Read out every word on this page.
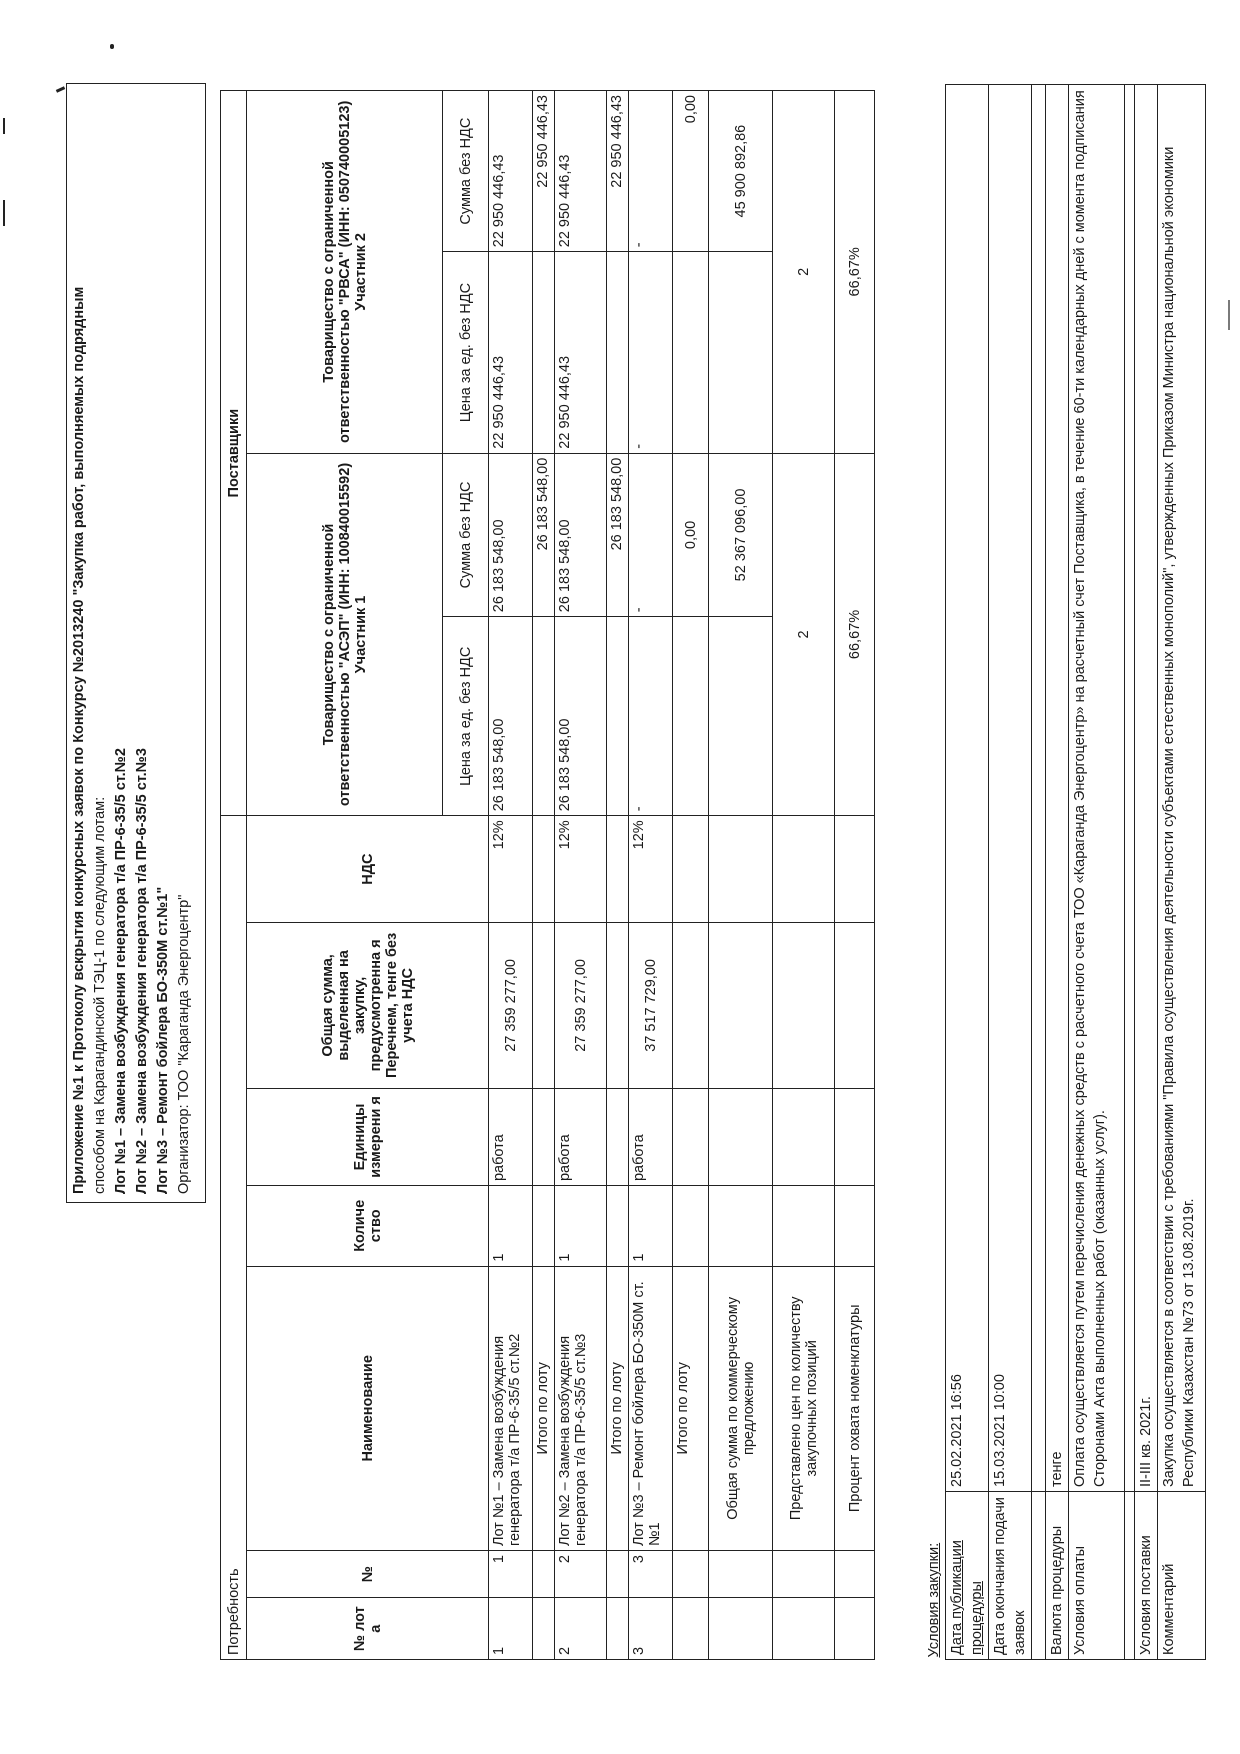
Приложение №1 к Протоколу вскрытия конкурсных заявок по Конкурсу №2013240 "Закупка работ, выполняемых подрядным способом на Карагандинской ТЭЦ-1 по следующим лотам: Лот №1 – Замена возбуждения генератора т/а ПР-6-35/5 ст.№2 Лот №2 – Замена возбуждения генератора т/а ПР-6-35/5 ст.№3 Лот №3 – Ремонт бойлера БО-350М ст.№1" Организатор: ТОО "Караганда Энергоцентр"
Потребность							Поставщики			
№ лот а	№	Наименование	Количе ство	Единицы измерени я	Общая сумма, выделенная на закупку, предусмотренна я Перечнем, тенге без учета НДС	НДС	Товарищество с ограниченной ответственностью "АСЭП" (ИНН: 100840015592) Участник 1		Товарищество с ограниченной ответственностью "РВСА" (ИНН: 050740005123) Участник 2	
							Цена за ед. без НДС	Сумма без НДС	Цена за ед. без НДС	Сумма без НДС
1	1	Лот №1 – Замена возбуждения генератора т/а ПР-6-35/5 ст.№2	1	работа	27 359 277,00	12%	26 183 548,00	26 183 548,00	22 950 446,43	22 950 446,43
		Итого по лоту						26 183 548,00		22 950 446,43
2	2	Лот №2 – Замена возбуждения генератора т/а ПР-6-35/5 ст.№3	1	работа	27 359 277,00	12%	26 183 548,00	26 183 548,00	22 950 446,43	22 950 446,43
		Итого по лоту						26 183 548,00		22 950 446,43
3	3	Лот №3 – Ремонт бойлера БО-350М ст.№1	1	работа	37 517 729,00	12%	-	-	-	-
		Итого по лоту						0,00		0,00
		Общая сумма по коммерческому предложению						52 367 096,00		45 900 892,86
		Представлено цен по количеству закупочных позиций					2		2	
		Процент охвата номенклатуры					66,67%		66,67%	
Условия закупки:	
Дата публикации процедуры	25.02.2021 16:56
Дата окончания подачи заявок	15.03.2021 10:00

Валюта процедуры	тенге
Условия оплаты	Оплата осуществляется путем перечисления денежных средств с расчетного счета ТОО «Караганда Энергоцентр» на расчетный счет Поставщика, в течение 60-ти календарных дней с момента подписания Сторонами Акта выполненных работ (оказанных услуг).

Условия поставки	II-III кв. 2021г.
Комментарий	Закупка осуществляется в соответствии с требованиями "Правила осуществления деятельности субъектами естественных монополий", утвержденных Приказом Министра национальной экономики Республики Казахстан №73 от 13.08.2019г.
